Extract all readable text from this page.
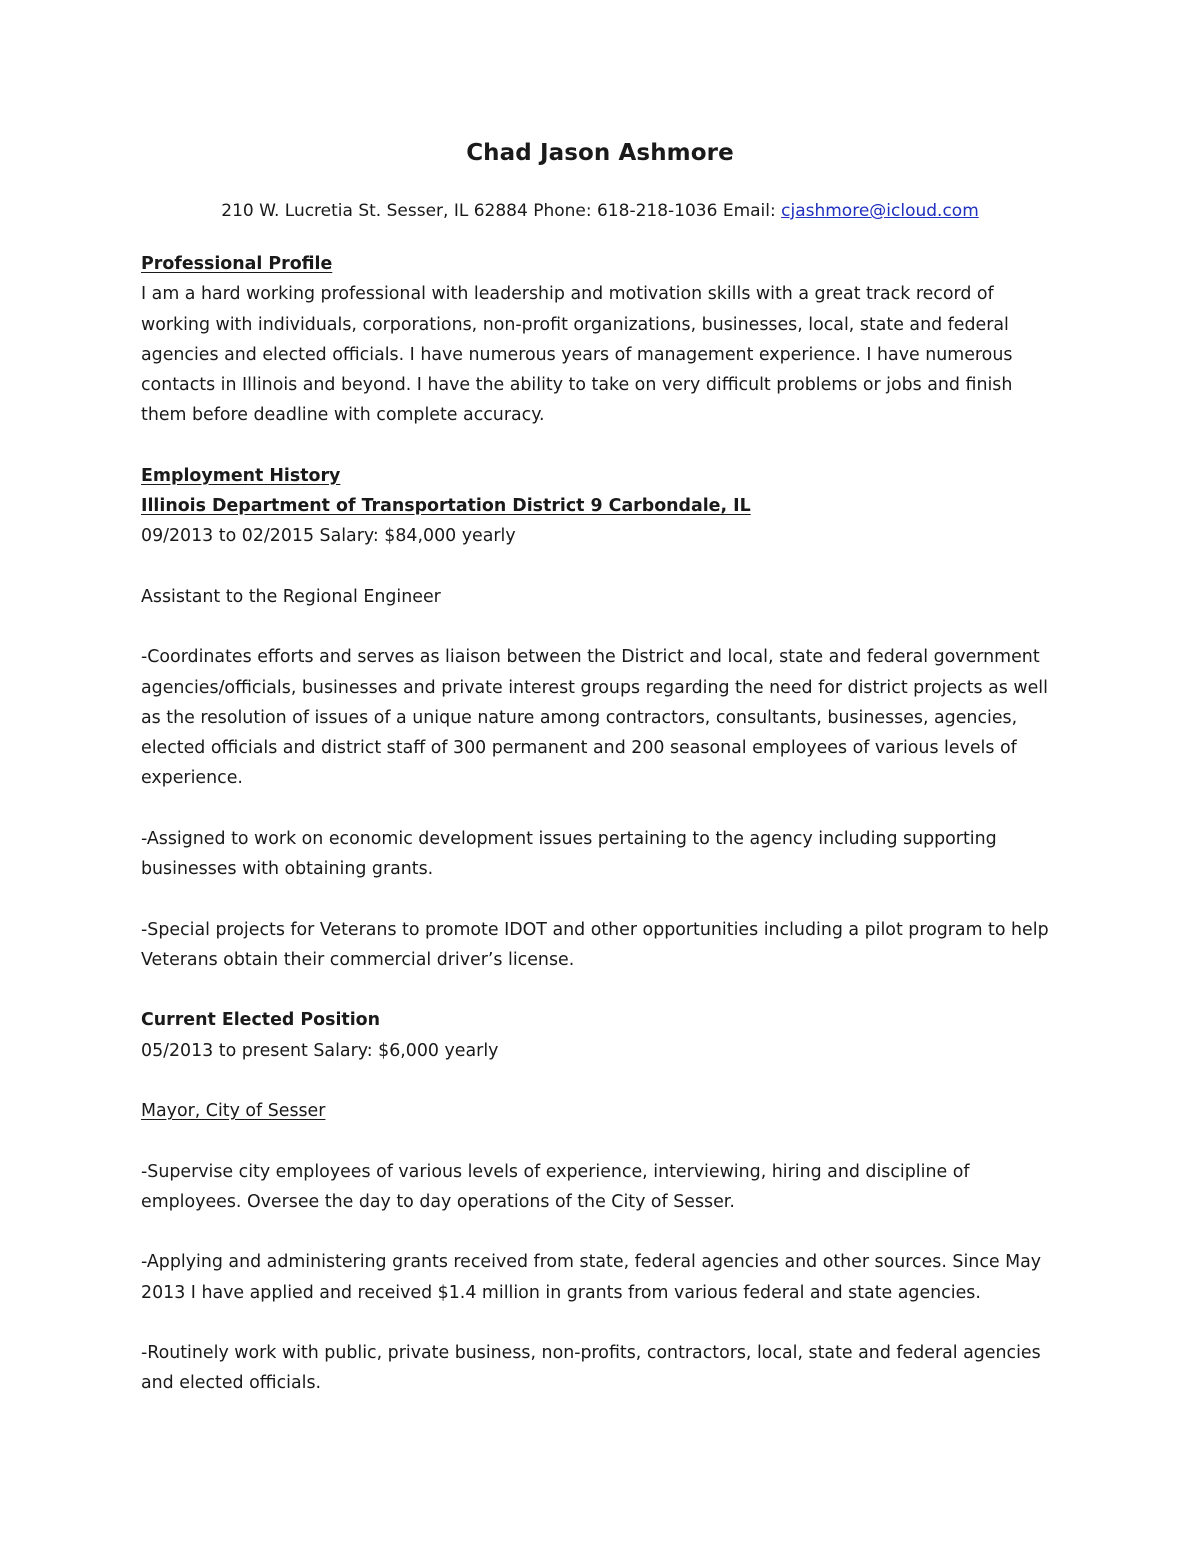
Chad Jason Ashmore
210 W. Lucretia St. Sesser, IL 62884 Phone: 618-218-1036 Email: cjashmore@icloud.com
Professional Profile
I am a hard working professional with leadership and motivation skills with a great track record of
working with individuals, corporations, non-profit organizations, businesses, local, state and federal
agencies and elected officials. I have numerous years of management experience. I have numerous
contacts in Illinois and beyond. I have the ability to take on very difficult problems or jobs and finish
them before deadline with complete accuracy.
Employment History
Illinois Department of Transportation District 9 Carbondale, IL
09/2013 to 02/2015 Salary: $84,000 yearly
Assistant to the Regional Engineer
-Coordinates efforts and serves as liaison between the District and local, state and federal government
agencies/officials, businesses and private interest groups regarding the need for district projects as well
as the resolution of issues of a unique nature among contractors, consultants, businesses, agencies,
elected officials and district staff of 300 permanent and 200 seasonal employees of various levels of
experience.
-Assigned to work on economic development issues pertaining to the agency including supporting
businesses with obtaining grants.
-Special projects for Veterans to promote IDOT and other opportunities including a pilot program to help
Veterans obtain their commercial driver’s license.
Current Elected Position
05/2013 to present Salary: $6,000 yearly
Mayor, City of Sesser
-Supervise city employees of various levels of experience, interviewing, hiring and discipline of
employees. Oversee the day to day operations of the City of Sesser.
-Applying and administering grants received from state, federal agencies and other sources. Since May
2013 I have applied and received $1.4 million in grants from various federal and state agencies.
-Routinely work with public, private business, non-profits, contractors, local, state and federal agencies
and elected officials.
